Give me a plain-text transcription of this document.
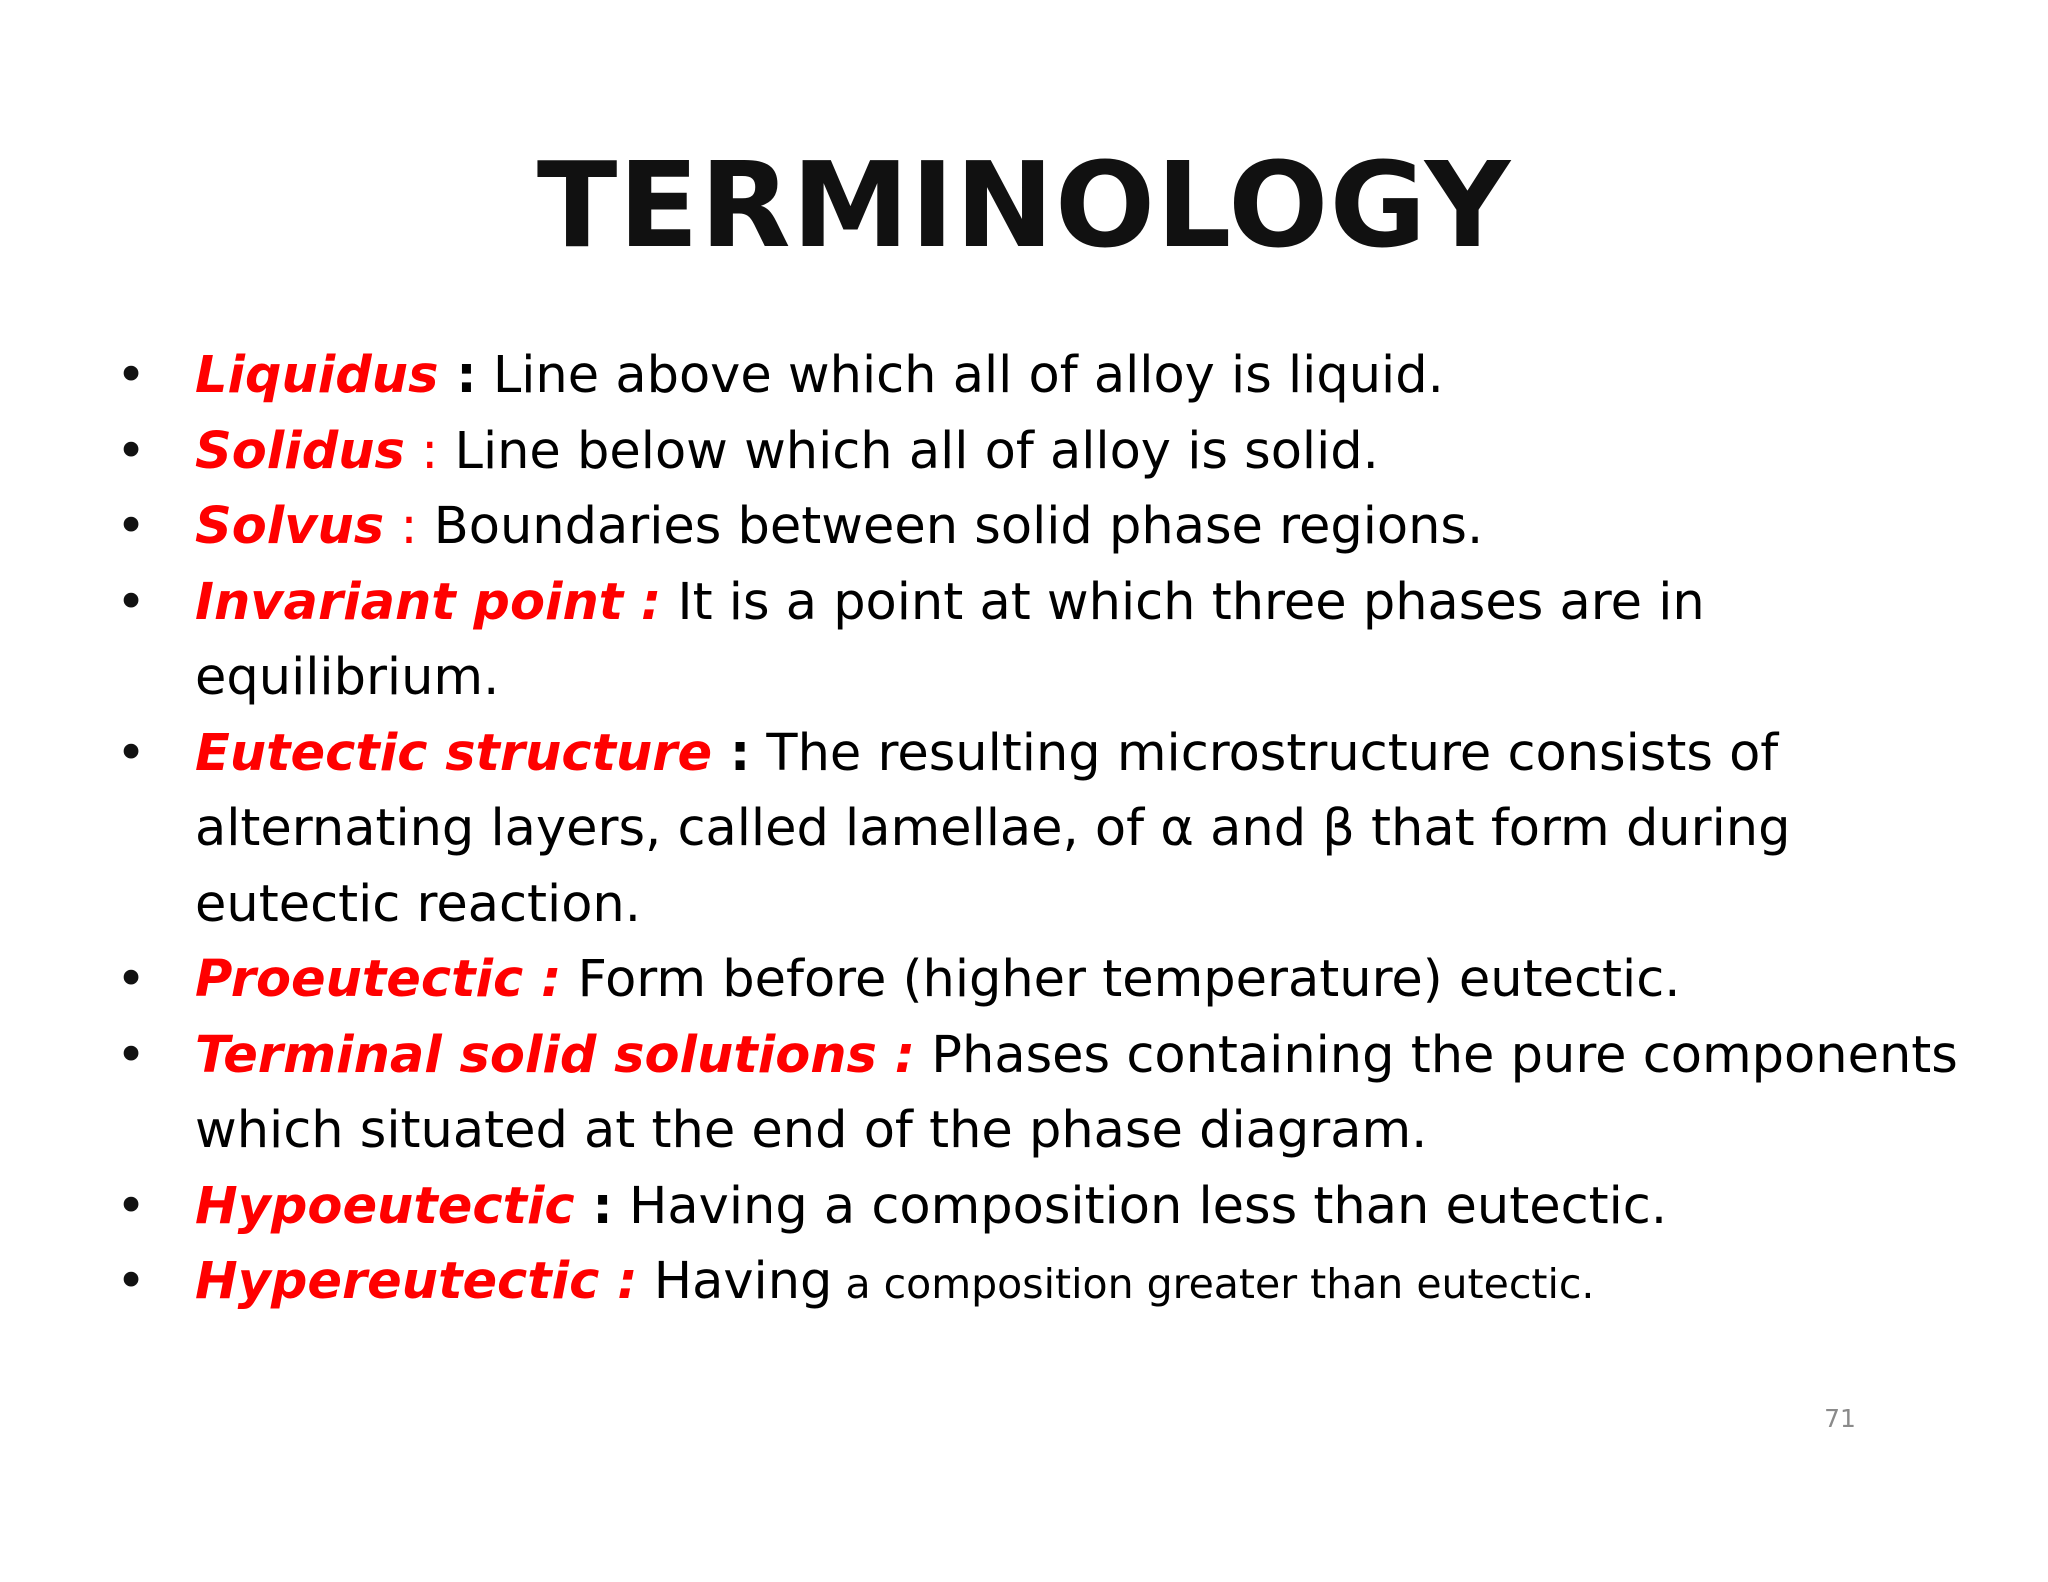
TERMINOLOGY
• Liquidus : Line above which all of alloy is liquid.
• Solidus : Line below which all of alloy is solid.
• Solvus : Boundaries between solid phase regions.
• Invariant point : It is a point at which three phases are in equilibrium.
• Eutectic structure : The resulting microstructure consists of alternating layers, called lamellae, of α and β that form during eutectic reaction.
• Proeutectic : Form before (higher temperature) eutectic.
• Terminal solid solutions : Phases containing the pure components which situated at the end of the phase diagram.
• Hypoeutectic : Having a composition less than eutectic.
• Hypereutectic : Having a composition greater than eutectic.
71
